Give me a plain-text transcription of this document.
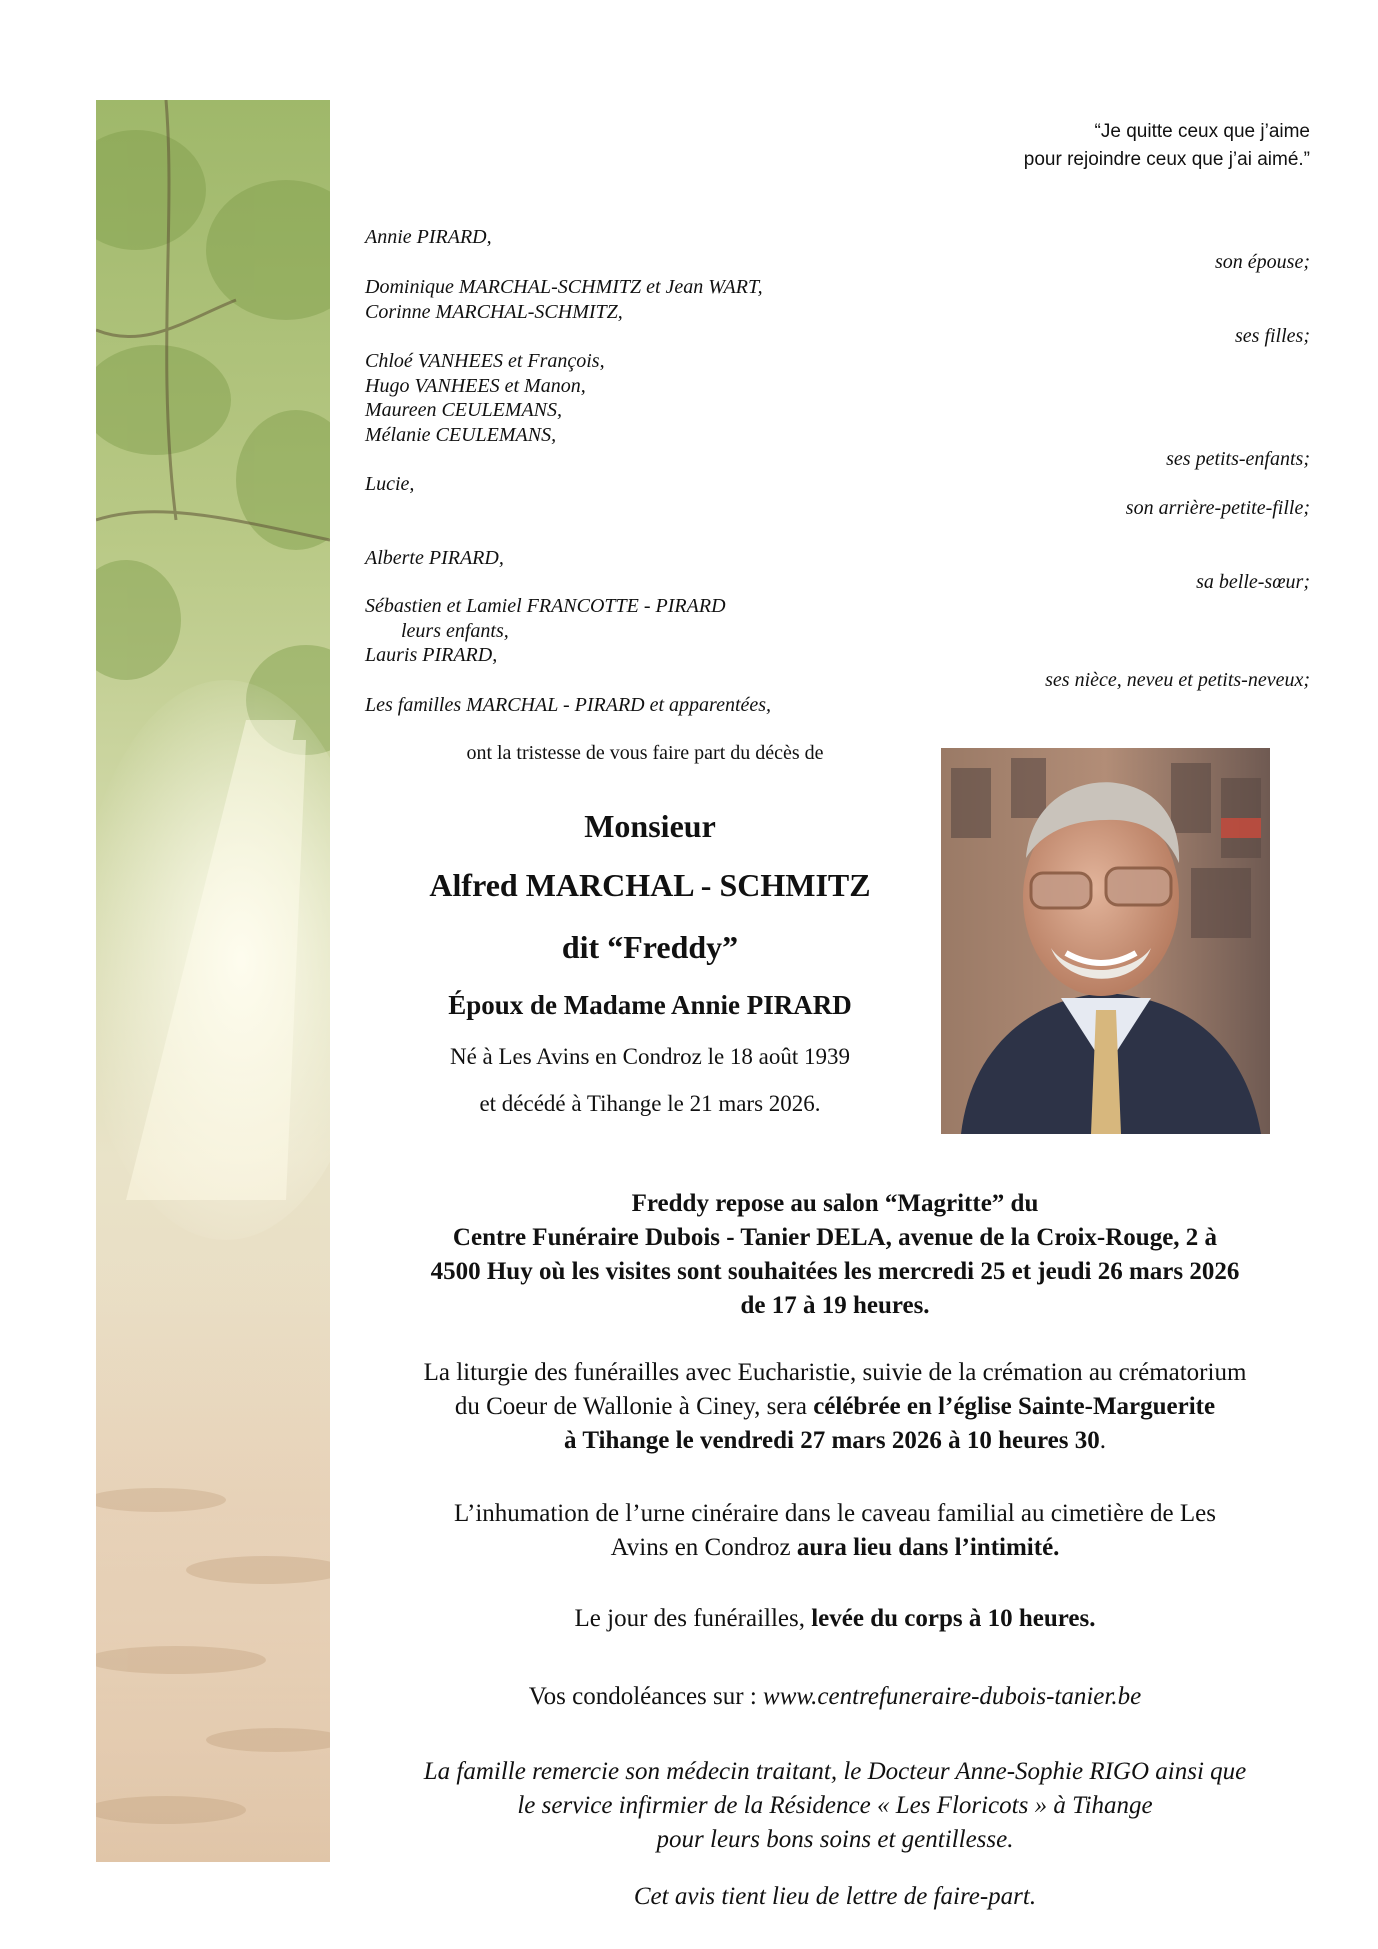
“Je quitte ceux que j’aime
pour rejoindre ceux que j’ai aimé.”
Annie PIRARD,
son épouse;
Dominique MARCHAL-SCHMITZ et Jean WART,
Corinne MARCHAL-SCHMITZ,
ses filles;
Chloé VANHEES et François,
Hugo VANHEES et Manon,
Maureen CEULEMANS,
Mélanie CEULEMANS,
ses petits-enfants;
Lucie,
son arrière-petite-fille;
Alberte PIRARD,
sa belle-sœur;
Sébastien et Lamiel FRANCOTTE - PIRARD
leurs enfants,
Lauris PIRARD,
ses nièce, neveu et petits-neveux;
Les familles MARCHAL - PIRARD et apparentées,
ont la tristesse de vous faire part du décès de
Monsieur
Alfred MARCHAL - SCHMITZ
dit “Freddy”
Époux de Madame Annie PIRARD
Né à Les Avins en Condroz le 18 août 1939
et décédé à Tihange le 21 mars 2026.
Freddy repose au salon “Magritte” du
Centre Funéraire Dubois - Tanier DELA, avenue de la Croix-Rouge, 2 à
4500 Huy où les visites sont souhaitées les mercredi 25 et jeudi 26 mars 2026
de 17 à 19 heures.
La liturgie des funérailles avec Eucharistie, suivie de la crémation au crématorium
du Coeur de Wallonie à Ciney, sera célébrée en l’église Sainte-Marguerite
à Tihange le vendredi 27 mars 2026 à 10 heures 30.
L’inhumation de l’urne cinéraire dans le caveau familial au cimetière de Les
Avins en Condroz aura lieu dans l’intimité.
Le jour des funérailles, levée du corps à 10 heures.
Vos condoléances sur : www.centrefuneraire-dubois-tanier.be
La famille remercie son médecin traitant, le Docteur Anne-Sophie RIGO ainsi que
le service infirmier de la Résidence « Les Floricots » à Tihange
pour leurs bons soins et gentillesse.
Cet avis tient lieu de lettre de faire-part.
